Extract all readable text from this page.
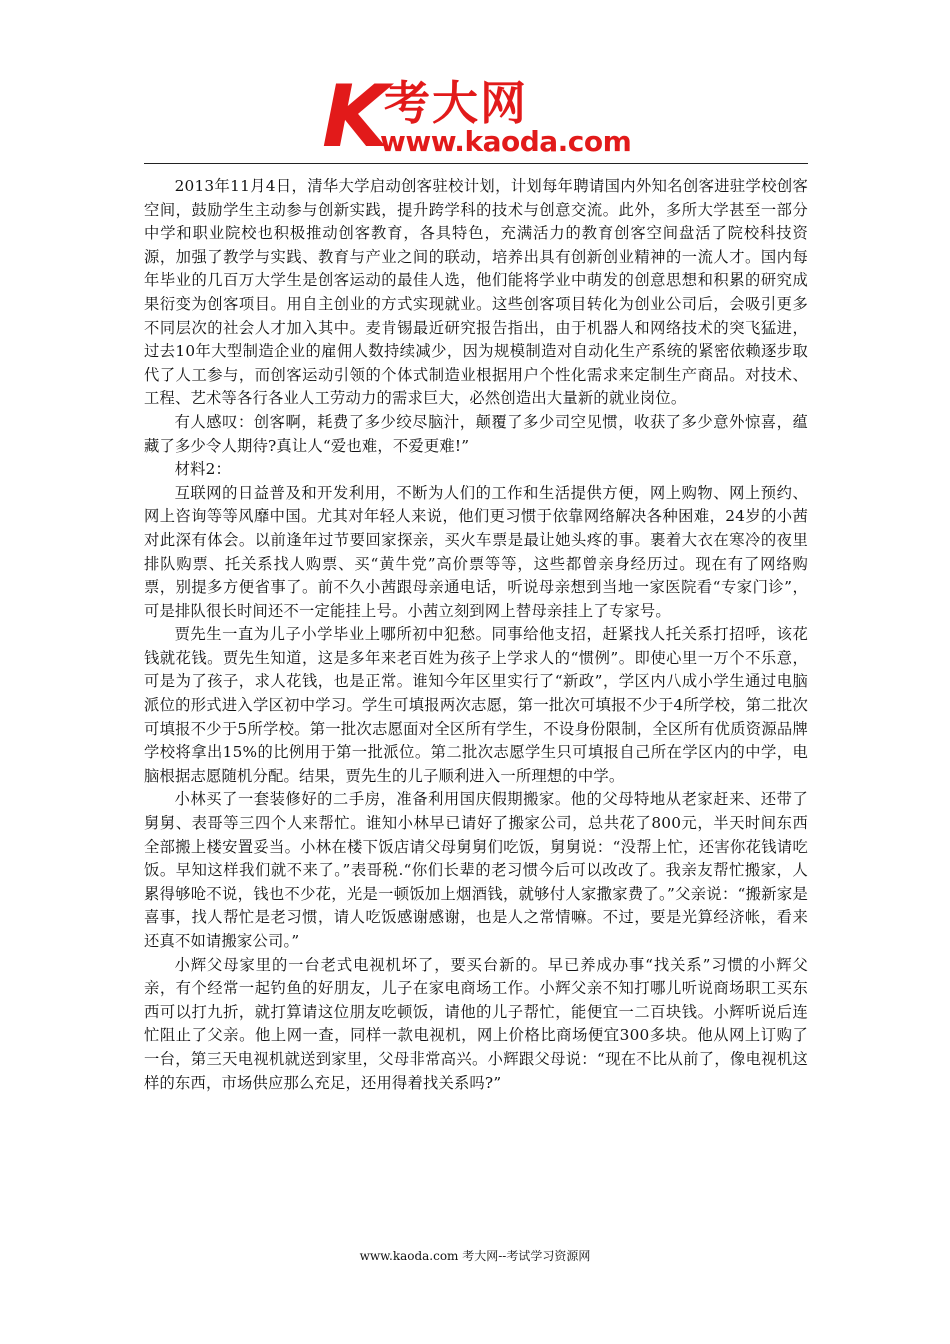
K 考大网
www.kaoda.com

2013年11月4日，清华大学启动创客驻校计划，计划每年聘请国内外知名创客进驻学校创客空间，鼓励学生主动参与创新实践，提升跨学科的技术与创意交流。此外，多所大学甚至一部分中学和职业院校也积极推动创客教育，各具特色，充满活力的教育创客空间盘活了院校科技资源，加强了教学与实践、教育与产业之间的联动，培养出具有创新创业精神的一流人才。国内每年毕业的几百万大学生是创客运动的最佳人选，他们能将学业中萌发的创意思想和积累的研究成果衍变为创客项目。用自主创业的方式实现就业。这些创客项目转化为创业公司后，会吸引更多不同层次的社会人才加入其中。麦肯锡最近研究报告指出，由于机器人和网络技术的突飞猛进，过去10年大型制造企业的雇佣人数持续减少，因为规模制造对自动化生产系统的紧密依赖逐步取代了人工参与，而创客运动引领的个体式制造业根据用户个性化需求来定制生产商品。对技术、工程、艺术等各行各业人工劳动力的需求巨大，必然创造出大量新的就业岗位。

有人感叹：创客啊，耗费了多少绞尽脑汁，颠覆了多少司空见惯，收获了多少意外惊喜，蕴藏了多少令人期待?真让人“爱也难，不爱更难!”

材料2：

互联网的日益普及和开发利用，不断为人们的工作和生活提供方便，网上购物、网上预约、网上咨询等等风靡中国。尤其对年轻人来说，他们更习惯于依靠网络解决各种困难，24岁的小茜对此深有体会。以前逢年过节要回家探亲，买火车票是最让她头疼的事。裹着大衣在寒冷的夜里排队购票、托关系找人购票、买“黄牛党”高价票等等，这些都曾亲身经历过。现在有了网络购票，别提多方便省事了。前不久小茜跟母亲通电话，听说母亲想到当地一家医院看“专家门诊”，可是排队很长时间还不一定能挂上号。小茜立刻到网上替母亲挂上了专家号。

贾先生一直为儿子小学毕业上哪所初中犯愁。同事给他支招，赶紧找人托关系打招呼，该花钱就花钱。贾先生知道，这是多年来老百姓为孩子上学求人的“惯例”。即使心里一万个不乐意，可是为了孩子，求人花钱，也是正常。谁知今年区里实行了“新政”，学区内八成小学生通过电脑派位的形式进入学区初中学习。学生可填报两次志愿，第一批次可填报不少于4所学校，第二批次可填报不少于5所学校。第一批次志愿面对全区所有学生，不设身份限制，全区所有优质资源品牌学校将拿出15%的比例用于第一批派位。第二批次志愿学生只可填报自己所在学区内的中学，电脑根据志愿随机分配。结果，贾先生的儿子顺利进入一所理想的中学。

小林买了一套装修好的二手房，准备利用国庆假期搬家。他的父母特地从老家赶来、还带了舅舅、表哥等三四个人来帮忙。谁知小林早已请好了搬家公司，总共花了800元，半天时间东西全部搬上楼安置妥当。小林在楼下饭店请父母舅舅们吃饭，舅舅说：“没帮上忙，还害你花钱请吃饭。早知这样我们就不来了。”表哥税.“你们长辈的老习惯今后可以改改了。我亲友帮忙搬家，人累得够呛不说，钱也不少花，光是一顿饭加上烟酒钱，就够付人家撒家费了。”父亲说：“搬新家是喜事，找人帮忙是老习惯，请人吃饭感谢感谢，也是人之常情嘛。不过，要是光算经济帐，看来还真不如请搬家公司。”

小辉父母家里的一台老式电视机坏了，要买台新的。早已养成办事“找关系”习惯的小辉父亲，有个经常一起钓鱼的好朋友，儿子在家电商场工作。小辉父亲不知打哪儿听说商场职工买东西可以打九折，就打算请这位朋友吃顿饭，请他的儿子帮忙，能便宜一二百块钱。小辉听说后连忙阻止了父亲。他上网一查，同样一款电视机，网上价格比商场便宜300多块。他从网上订购了一台，第三天电视机就送到家里，父母非常高兴。小辉跟父母说：“现在不比从前了，像电视机这样的东西，市场供应那么充足，还用得着找关系吗?”

www.kaoda.com 考大网--考试学习资源网
